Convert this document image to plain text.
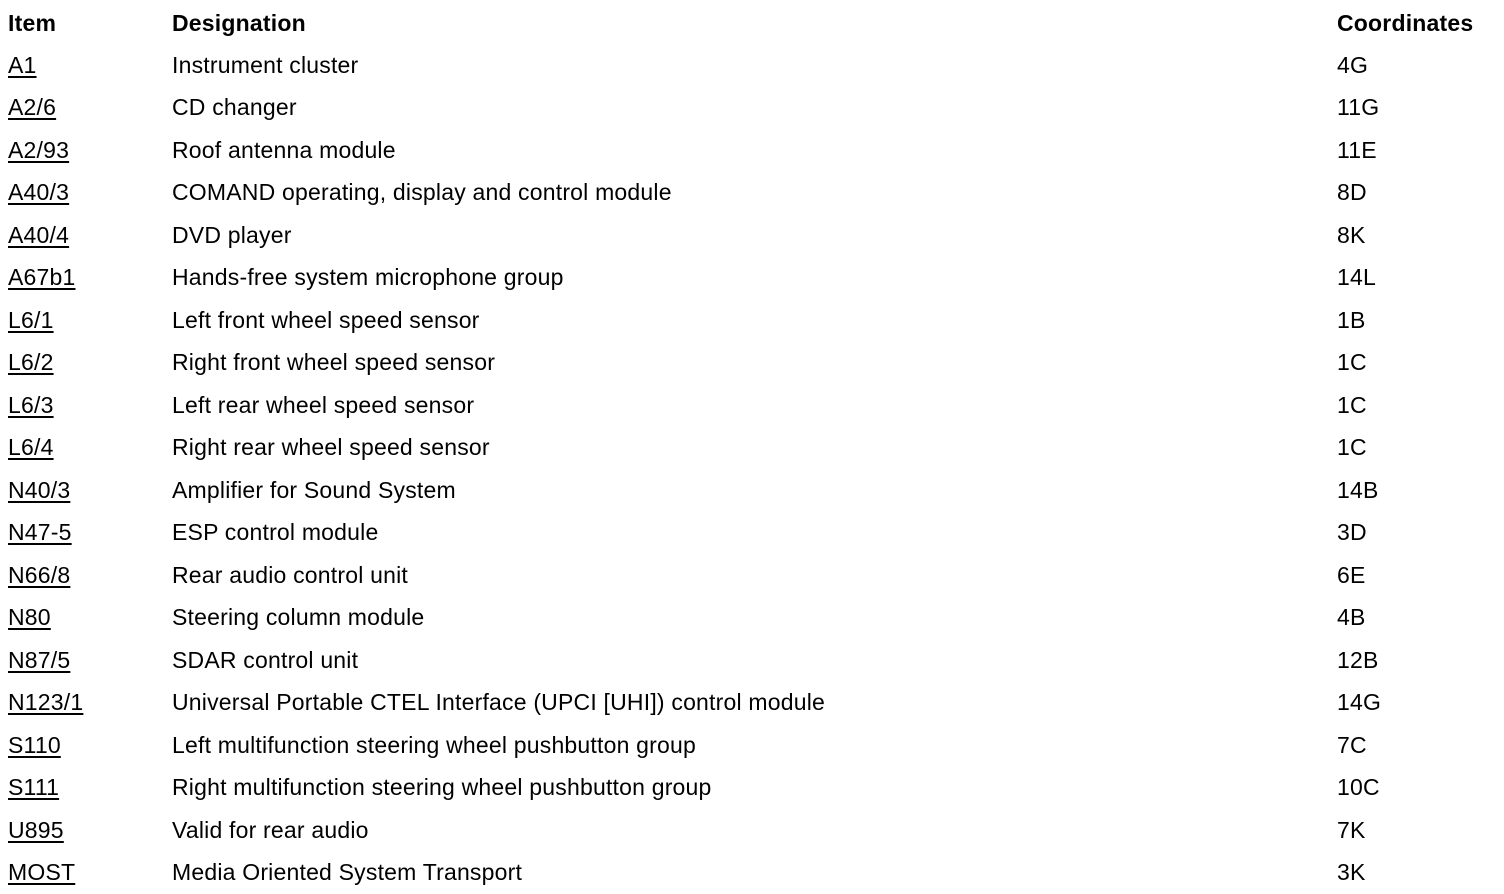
Item	Designation	Coordinates
A1	Instrument cluster	4G
A2/6	CD changer	11G
A2/93	Roof antenna module	11E
A40/3	COMAND operating, display and control module	8D
A40/4	DVD player	8K
A67b1	Hands-free system microphone group	14L
L6/1	Left front wheel speed sensor	1B
L6/2	Right front wheel speed sensor	1C
L6/3	Left rear wheel speed sensor	1C
L6/4	Right rear wheel speed sensor	1C
N40/3	Amplifier for Sound System	14B
N47-5	ESP control module	3D
N66/8	Rear audio control unit	6E
N80	Steering column module	4B
N87/5	SDAR control unit	12B
N123/1	Universal Portable CTEL Interface (UPCI [UHI]) control module	14G
S110	Left multifunction steering wheel pushbutton group	7C
S111	Right multifunction steering wheel pushbutton group	10C
U895	Valid for rear audio	7K
MOST	Media Oriented System Transport	3K
